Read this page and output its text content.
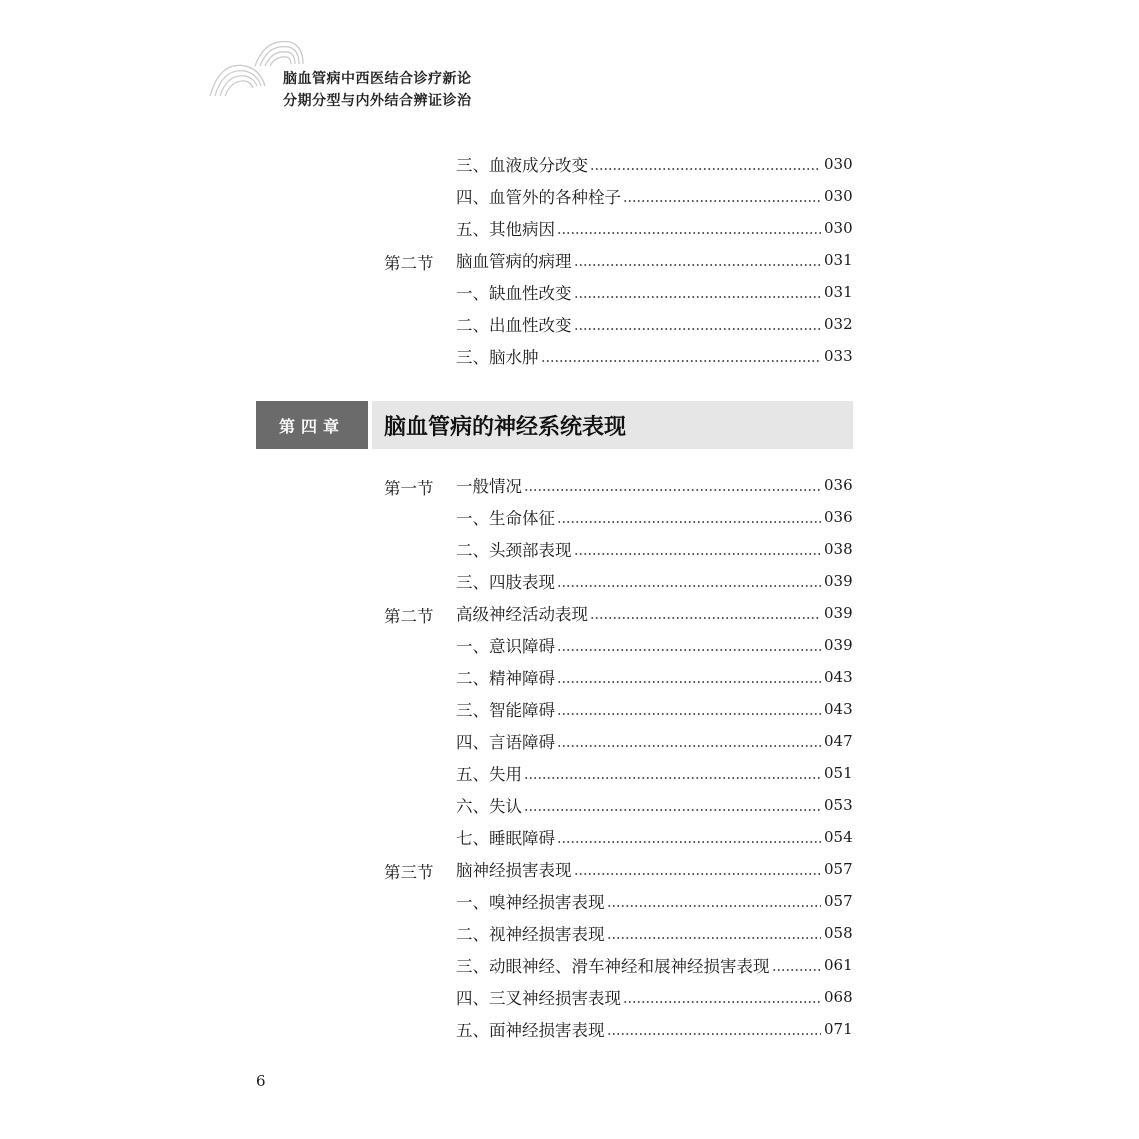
脑血管病中西医结合诊疗新论
分期分型与内外结合辨证诊治
三、血液成分改变	030
四、血管外的各种栓子	030
五、其他病因	030
第二节	脑血管病的病理	031
一、缺血性改变	031
二、出血性改变	032
三、脑水肿	033
第四章	脑血管病的神经系统表现
第一节	一般情况	036
一、生命体征	036
二、头颈部表现	038
三、四肢表现	039
第二节	高级神经活动表现	039
一、意识障碍	039
二、精神障碍	043
三、智能障碍	043
四、言语障碍	047
五、失用	051
六、失认	053
七、睡眠障碍	054
第三节	脑神经损害表现	057
一、嗅神经损害表现	057
二、视神经损害表现	058
三、动眼神经、滑车神经和展神经损害表现	061
四、三叉神经损害表现	068
五、面神经损害表现	071
6
